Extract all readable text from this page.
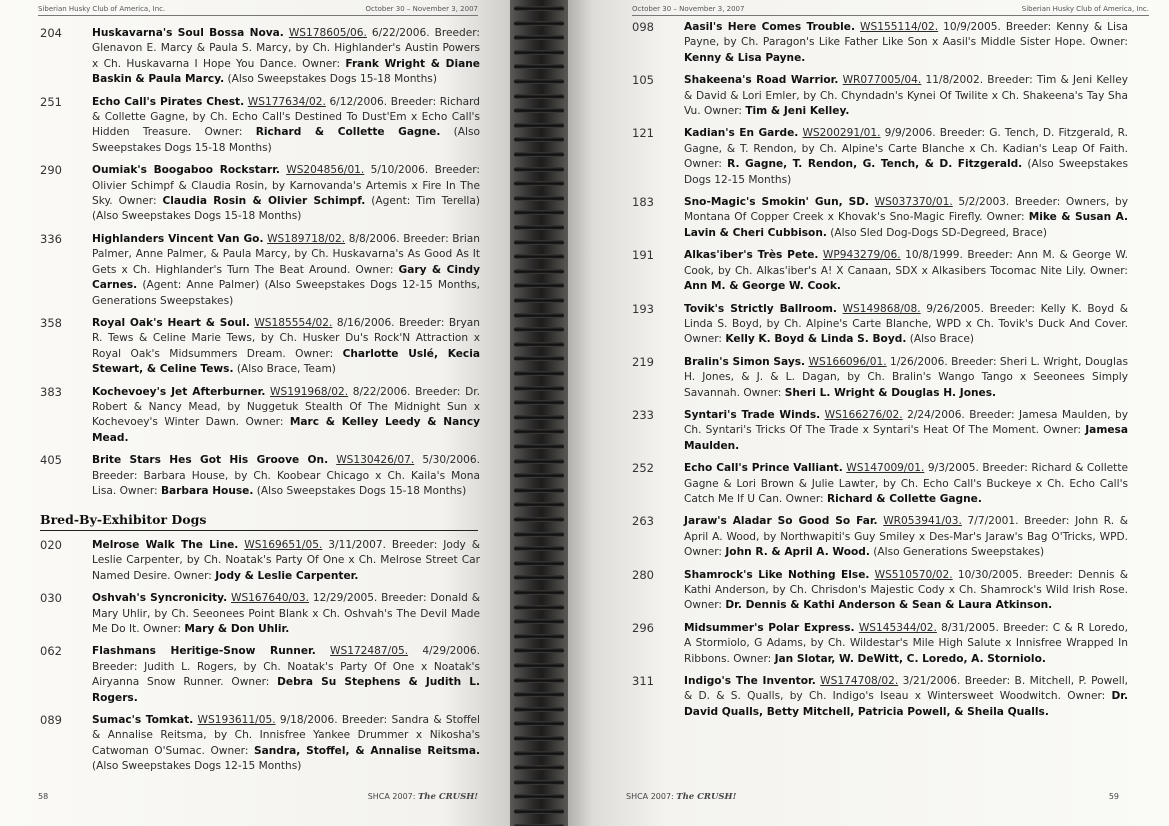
Siberian Husky Club of America, Inc.	October 30 – November 3, 2007
204	Huskavarna's Soul Bossa Nova. WS178605/06. 6/22/2006. Breeder: Glenavon E. Marcy & Paula S. Marcy, by Ch. Highlander's Austin Powers x Ch. Huskavarna I Hope You Dance. Owner: Frank Wright & Diane Baskin & Paula Marcy. (Also Sweepstakes Dogs 15-18 Months)
251	Echo Call's Pirates Chest. WS177634/02. 6/12/2006. Breeder: Richard & Collette Gagne, by Ch. Echo Call's Destined To Dust'Em x Echo Call's Hidden Treasure. Owner: Richard & Collette Gagne. (Also Sweepstakes Dogs 15-18 Months)
290	Oumiak's Boogaboo Rockstarr. WS204856/01. 5/10/2006. Breeder: Olivier Schimpf & Claudia Rosin, by Karnovanda's Artemis x Fire In The Sky. Owner: Claudia Rosin & Olivier Schimpf. (Agent: Tim Terella) (Also Sweepstakes Dogs 15-18 Months)
336	Highlanders Vincent Van Go. WS189718/02. 8/8/2006. Breeder: Brian Palmer, Anne Palmer, & Paula Marcy, by Ch. Huskavarna's As Good As It Gets x Ch. Highlander's Turn The Beat Around. Owner: Gary & Cindy Carnes. (Agent: Anne Palmer) (Also Sweepstakes Dogs 12-15 Months, Generations Sweepstakes)
358	Royal Oak's Heart & Soul. WS185554/02. 8/16/2006. Breeder: Bryan R. Tews & Celine Marie Tews, by Ch. Husker Du's Rock'N Attraction x Royal Oak's Midsummers Dream. Owner: Charlotte Uslé, Kecia Stewart, & Celine Tews. (Also Brace, Team)
383	Kochevoey's Jet Afterburner. WS191968/02. 8/22/2006. Breeder: Dr. Robert & Nancy Mead, by Nuggetuk Stealth Of The Midnight Sun x Kochevoey's Winter Dawn. Owner: Marc & Kelley Leedy & Nancy Mead.
405	Brite Stars Hes Got His Groove On. WS130426/07. 5/30/2006. Breeder: Barbara House, by Ch. Koobear Chicago x Ch. Kaila's Mona Lisa. Owner: Barbara House. (Also Sweepstakes Dogs 15-18 Months)
Bred-By-Exhibitor Dogs
020	Melrose Walk The Line. WS169651/05. 3/11/2007. Breeder: Jody & Leslie Carpenter, by Ch. Noatak's Party Of One x Ch. Melrose Street Car Named Desire. Owner: Jody & Leslie Carpenter.
030	Oshvah's Syncronicity. WS167640/03. 12/29/2005. Breeder: Donald & Mary Uhlir, by Ch. Seeonees Point Blank x Ch. Oshvah's The Devil Made Me Do It. Owner: Mary & Don Uhlir.
062	Flashmans Heritige-Snow Runner. WS172487/05. 4/29/2006. Breeder: Judith L. Rogers, by Ch. Noatak's Party Of One x Noatak's Airyanna Snow Runner. Owner: Debra Su Stephens & Judith L. Rogers.
089	Sumac's Tomkat. WS193611/05. 9/18/2006. Breeder: Sandra & Stoffel & Annalise Reitsma, by Ch. Innisfree Yankee Drummer x Nikosha's Catwoman O'Sumac. Owner: Sandra, Stoffel, & Annalise Reitsma. (Also Sweepstakes Dogs 12-15 Months)
58	SHCA 2007: The CRUSH!
October 30 – November 3, 2007	Siberian Husky Club of America, Inc.
098	Aasil's Here Comes Trouble. WS155114/02. 10/9/2005. Breeder: Kenny & Lisa Payne, by Ch. Paragon's Like Father Like Son x Aasil's Middle Sister Hope. Owner: Kenny & Lisa Payne.
105	Shakeena's Road Warrior. WR077005/04. 11/8/2002. Breeder: Tim & Jeni Kelley & David & Lori Emler, by Ch. Chyndadn's Kynei Of Twilite x Ch. Shakeena's Tay Sha Vu. Owner: Tim & Jeni Kelley.
121	Kadian's En Garde. WS200291/01. 9/9/2006. Breeder: G. Tench, D. Fitzgerald, R. Gagne, & T. Rendon, by Ch. Alpine's Carte Blanche x Ch. Kadian's Leap Of Faith. Owner: R. Gagne, T. Rendon, G. Tench, & D. Fitzgerald. (Also Sweepstakes Dogs 12-15 Months)
183	Sno-Magic's Smokin' Gun, SD. WS037370/01. 5/2/2003. Breeder: Owners, by Montana Of Copper Creek x Khovak's Sno-Magic Firefly. Owner: Mike & Susan A. Lavin & Cheri Cubbison. (Also Sled Dog-Dogs SD-Degreed, Brace)
191	Alkas'iber's Très Pete. WP943279/06. 10/8/1999. Breeder: Ann M. & George W. Cook, by Ch. Alkas'iber's A! X Canaan, SDX x Alkasibers Tocomac Nite Lily. Owner: Ann M. & George W. Cook.
193	Tovik's Strictly Ballroom. WS149868/08. 9/26/2005. Breeder: Kelly K. Boyd & Linda S. Boyd, by Ch. Alpine's Carte Blanche, WPD x Ch. Tovik's Duck And Cover. Owner: Kelly K. Boyd & Linda S. Boyd. (Also Brace)
219	Bralin's Simon Says. WS166096/01. 1/26/2006. Breeder: Sheri L. Wright, Douglas H. Jones, & J. & L. Dagan, by Ch. Bralin's Wango Tango x Seeonees Simply Savannah. Owner: Sheri L. Wright & Douglas H. Jones.
233	Syntari's Trade Winds. WS166276/02. 2/24/2006. Breeder: Jamesa Maulden, by Ch. Syntari's Tricks Of The Trade x Syntari's Heat Of The Moment. Owner: Jamesa Maulden.
252	Echo Call's Prince Valliant. WS147009/01. 9/3/2005. Breeder: Richard & Collette Gagne & Lori Brown & Julie Lawter, by Ch. Echo Call's Buckeye x Ch. Echo Call's Catch Me If U Can. Owner: Richard & Collette Gagne.
263	Jaraw's Aladar So Good So Far. WR053941/03. 7/7/2001. Breeder: John R. & April A. Wood, by Northwapiti's Guy Smiley x Des-Mar's Jaraw's Bag O'Tricks, WPD. Owner: John R. & April A. Wood. (Also Generations Sweepstakes)
280	Shamrock's Like Nothing Else. WS510570/02. 10/30/2005. Breeder: Dennis & Kathi Anderson, by Ch. Chrisdon's Majestic Cody x Ch. Shamrock's Wild Irish Rose. Owner: Dr. Dennis & Kathi Anderson & Sean & Laura Atkinson.
296	Midsummer's Polar Express. WS145344/02. 8/31/2005. Breeder: C & R Loredo, A Stormiolo, G Adams, by Ch. Wildestar's Mile High Salute x Innisfree Wrapped In Ribbons. Owner: Jan Slotar, W. DeWitt, C. Loredo, A. Storniolo.
311	Indigo's The Inventor. WS174708/02. 3/21/2006. Breeder: B. Mitchell, P. Powell, & D. & S. Qualls, by Ch. Indigo's Iseau x Wintersweet Woodwitch. Owner: Dr. David Qualls, Betty Mitchell, Patricia Powell, & Sheila Qualls.
SHCA 2007: The CRUSH!	59
